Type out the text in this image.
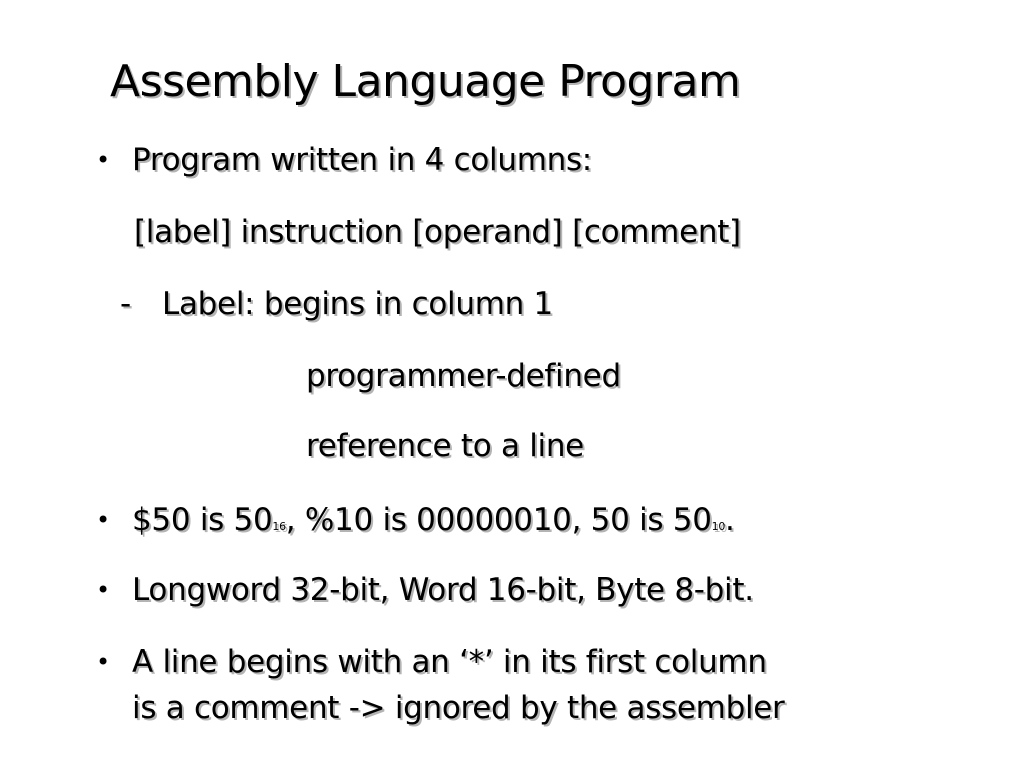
Assembly Language Program
• Program written in 4 columns:
[label] instruction [operand] [comment]
- Label: begins in column 1
programmer-defined
reference to a line
• $50 is 5016, %10 is 00000010, 50 is 5010.
• Longword 32-bit, Word 16-bit, Byte 8-bit.
• A line begins with an ‘*’ in its first column
is a comment -> ignored by the assembler
